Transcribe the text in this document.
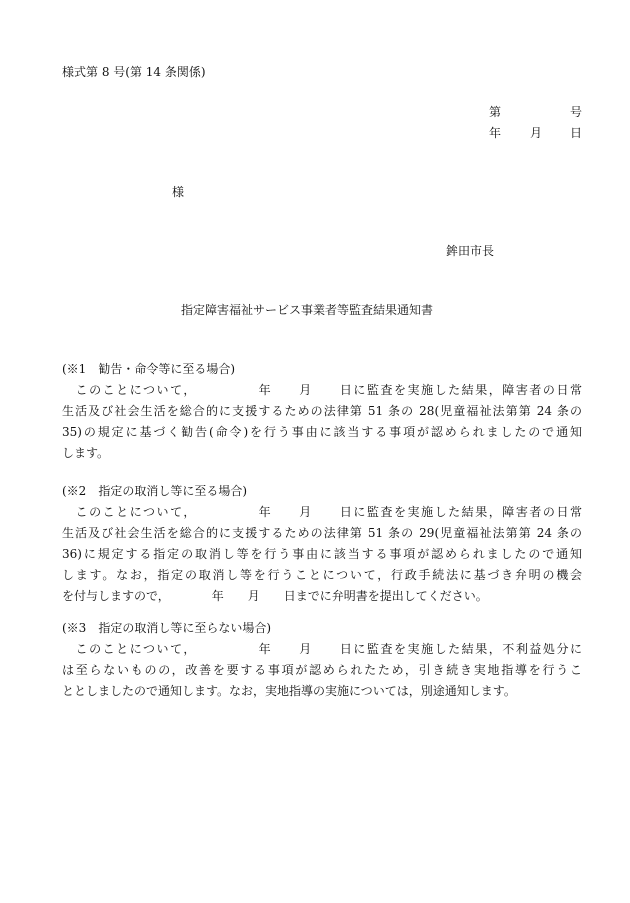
様式第 8 号(第 14 条関係)
第	号
年 月 日
様
鉾田市長
指定障害福祉サービス事業者等監査結果通知書
(※1　勧告・命令等に至る場合)
　このことについて，　　　　　年　　月　　日に監査を実施した結果，障害者の日常
生活及び社会生活を総合的に支援するための法律第 51 条の 28(児童福祉法第第 24 条の
35)の規定に基づく勧告(命令)を行う事由に該当する事項が認められましたので通知
します。
(※2　指定の取消し等に至る場合)
　このことについて，　　　　　年　　月　　日に監査を実施した結果，障害者の日常
生活及び社会生活を総合的に支援するための法律第 51 条の 29(児童福祉法第第 24 条の
36)に規定する指定の取消し等を行う事由に該当する事項が認められましたので通知
します。なお，指定の取消し等を行うことについて，行政手続法に基づき弁明の機会
を付与しますので，　　　　年　　月　　日までに弁明書を提出してください。
(※3　指定の取消し等に至らない場合)
　このことについて，　　　　　年　　月　　日に監査を実施した結果，不利益処分に
は至らないものの，改善を要する事項が認められたため，引き続き実地指導を行うこ
ととしましたので通知します。なお，実地指導の実施については，別途通知します。
